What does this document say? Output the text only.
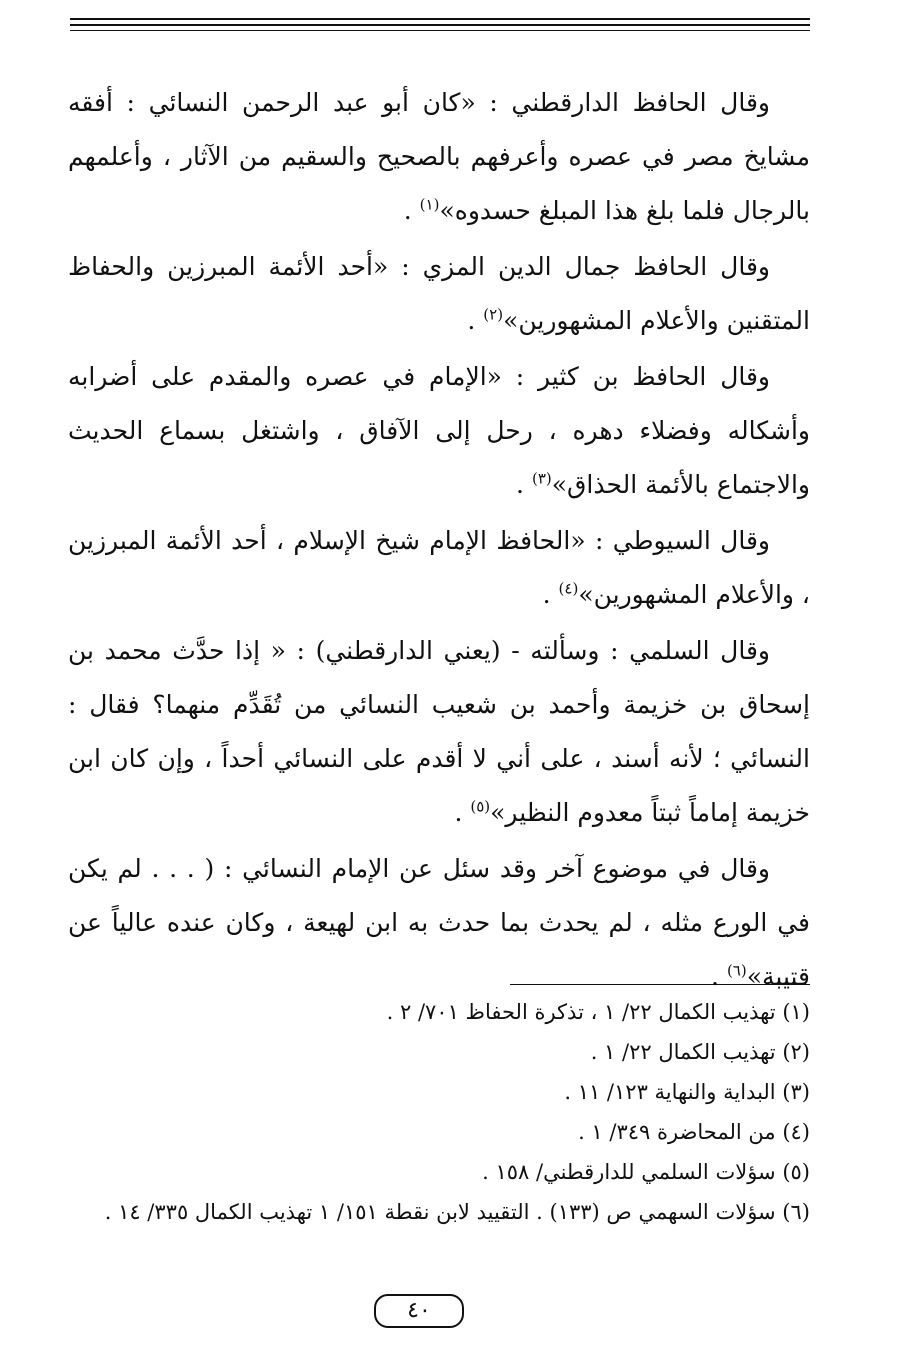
وقال الحافظ الدارقطني : «كان أبو عبد الرحمن النسائي : أفقه مشايخ مصر في عصره وأعرفهم بالصحيح والسقيم من الآثار ، وأعلمهم بالرجال فلما بلغ هذا المبلغ حسدوه»$^{(١)}$ .

وقال الحافظ جمال الدين المزي : «أحد الأئمة المبرزين والحفاظ المتقنين والأعلام المشهورين»$^{(٢)}$ .

وقال الحافظ بن كثير : «الإمام في عصره والمقدم على أضرابه وأشكاله وفضلاء دهره ، رحل إلى الآفاق ، واشتغل بسماع الحديث والاجتماع بالأئمة الحذاق»$^{(٣)}$ .

وقال السيوطي : «الحافظ الإمام شيخ الإسلام ، أحد الأئمة المبرزين ، والأعلام المشهورين»$^{(٤)}$ .

وقال السلمي : وسألته - (يعني الدارقطني) : « إذا حدَّث محمد بن إسحاق بن خزيمة وأحمد بن شعيب النسائي من تُقَدِّم منهما؟ فقال : النسائي ؛ لأنه أسند ، على أني لا أقدم على النسائي أحداً ، وإن كان ابن خزيمة إماماً ثبتاً معدوم النظير»$^{(٥)}$ .

وقال في موضوع آخر وقد سئل عن الإمام النسائي : ( . . . لم يكن في الورع مثله ، لم يحدث بما حدث به ابن لهيعة ، وكان عنده عالياً عن قتيبة»$^{(٦)}$ .

(١) تهذيب الكمال ٢٢/ ١ ، تذكرة الحفاظ ٧٠١/ ٢ .

(٢) تهذيب الكمال ٢٢/ ١ .

(٣) البداية والنهاية ١٢٣/ ١١ .

(٤) من المحاضرة ٣٤٩/ ١ .

(٥) سؤلات السلمي للدارقطني/ ١٥٨ .

(٦) سؤلات السهمي ص (١٣٣) . التقييد لابن نقطة ١٥١/ ١ تهذيب الكمال ٣٣٥/ ١٤ .

٤٠
